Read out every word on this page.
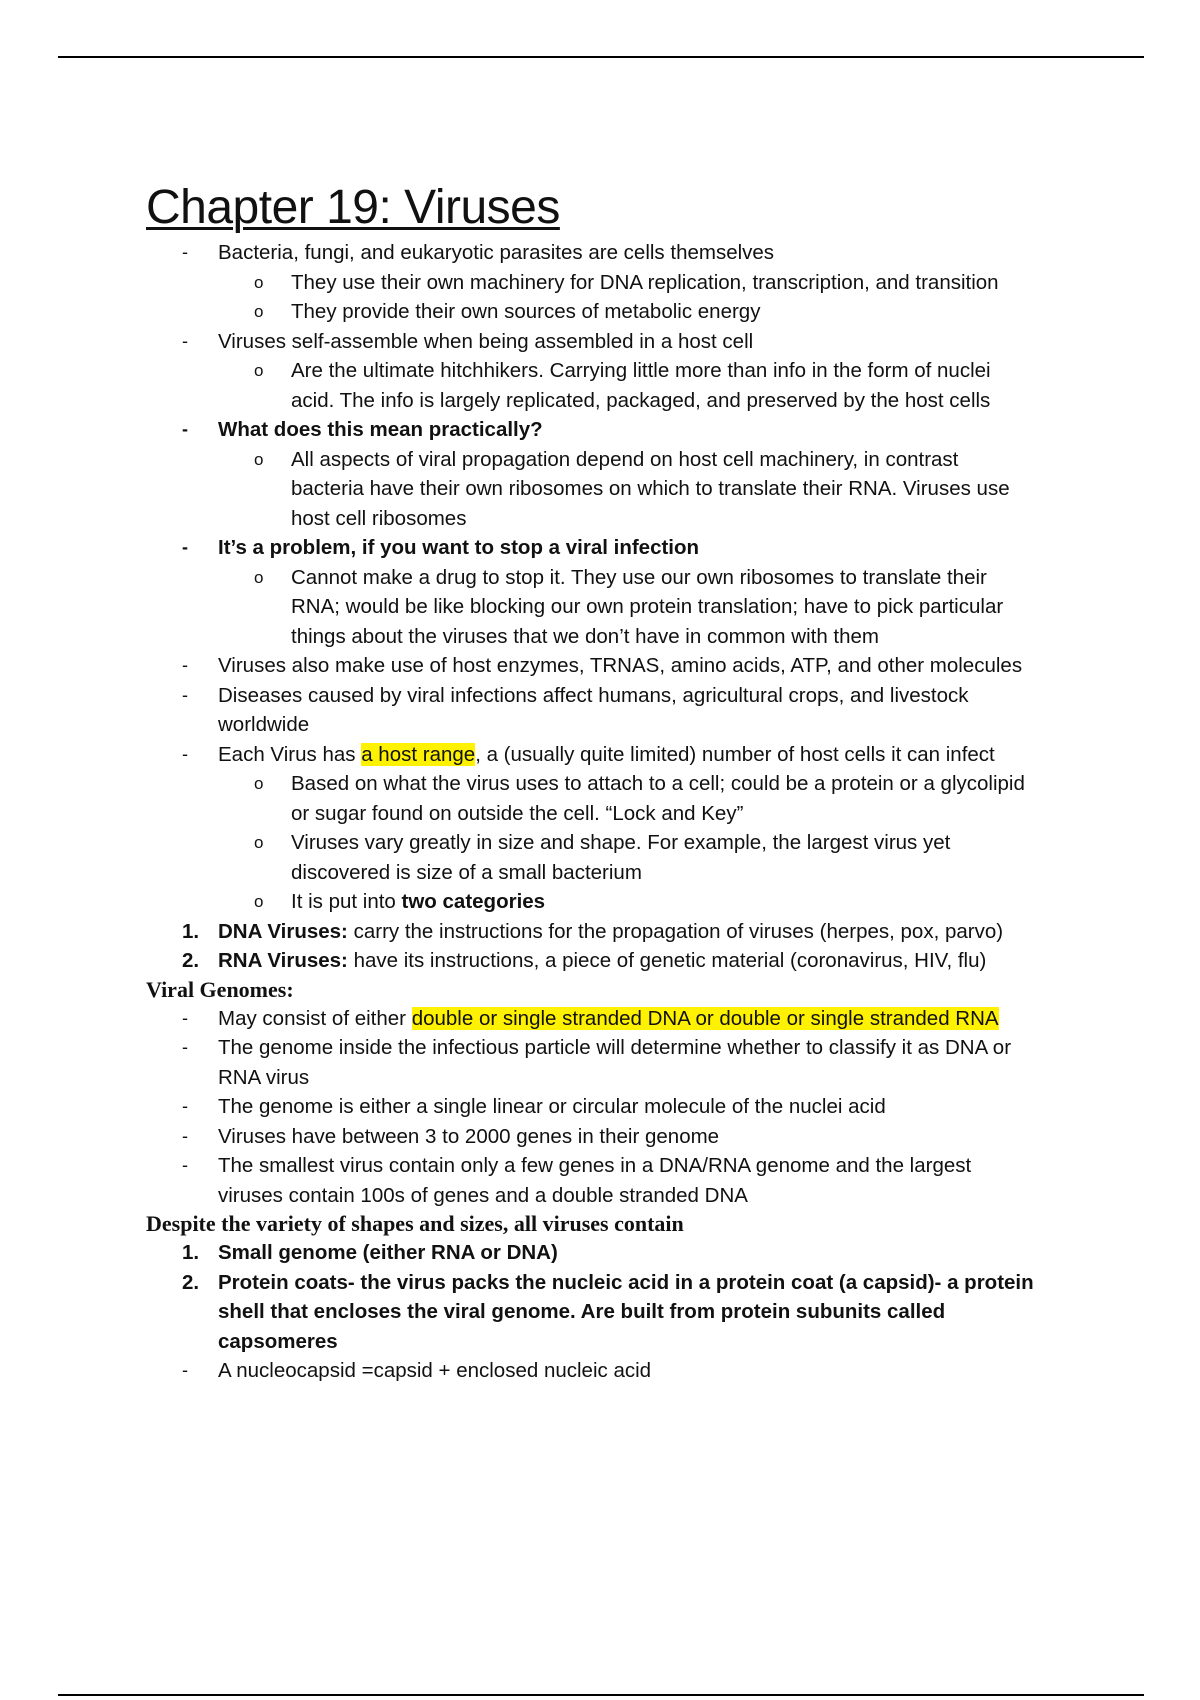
Chapter 19: Viruses
- Bacteria, fungi, and eukaryotic parasites are cells themselves
o They use their own machinery for DNA replication, transcription, and transition
o They provide their own sources of metabolic energy
- Viruses self-assemble when being assembled in a host cell
o Are the ultimate hitchhikers. Carrying little more than info in the form of nuclei
acid. The info is largely replicated, packaged, and preserved by the host cells
- What does this mean practically?
o All aspects of viral propagation depend on host cell machinery, in contrast
bacteria have their own ribosomes on which to translate their RNA. Viruses use
host cell ribosomes
- It’s a problem, if you want to stop a viral infection
o Cannot make a drug to stop it. They use our own ribosomes to translate their
RNA; would be like blocking our own protein translation; have to pick particular
things about the viruses that we don’t have in common with them
- Viruses also make use of host enzymes, TRNAS, amino acids, ATP, and other molecules
- Diseases caused by viral infections affect humans, agricultural crops, and livestock
worldwide
- Each Virus has a host range, a (usually quite limited) number of host cells it can infect
o Based on what the virus uses to attach to a cell; could be a protein or a glycolipid
or sugar found on outside the cell. “Lock and Key”
o Viruses vary greatly in size and shape. For example, the largest virus yet
discovered is size of a small bacterium
o It is put into two categories
1. DNA Viruses: carry the instructions for the propagation of viruses (herpes, pox, parvo)
2. RNA Viruses: have its instructions, a piece of genetic material (coronavirus, HIV, flu)
Viral Genomes:
- May consist of either double or single stranded DNA or double or single stranded RNA
- The genome inside the infectious particle will determine whether to classify it as DNA or
RNA virus
- The genome is either a single linear or circular molecule of the nuclei acid
- Viruses have between 3 to 2000 genes in their genome
- The smallest virus contain only a few genes in a DNA/RNA genome and the largest
viruses contain 100s of genes and a double stranded DNA
Despite the variety of shapes and sizes, all viruses contain
1. Small genome (either RNA or DNA)
2. Protein coats- the virus packs the nucleic acid in a protein coat (a capsid)- a protein
shell that encloses the viral genome. Are built from protein subunits called
capsomeres
- A nucleocapsid =capsid + enclosed nucleic acid
